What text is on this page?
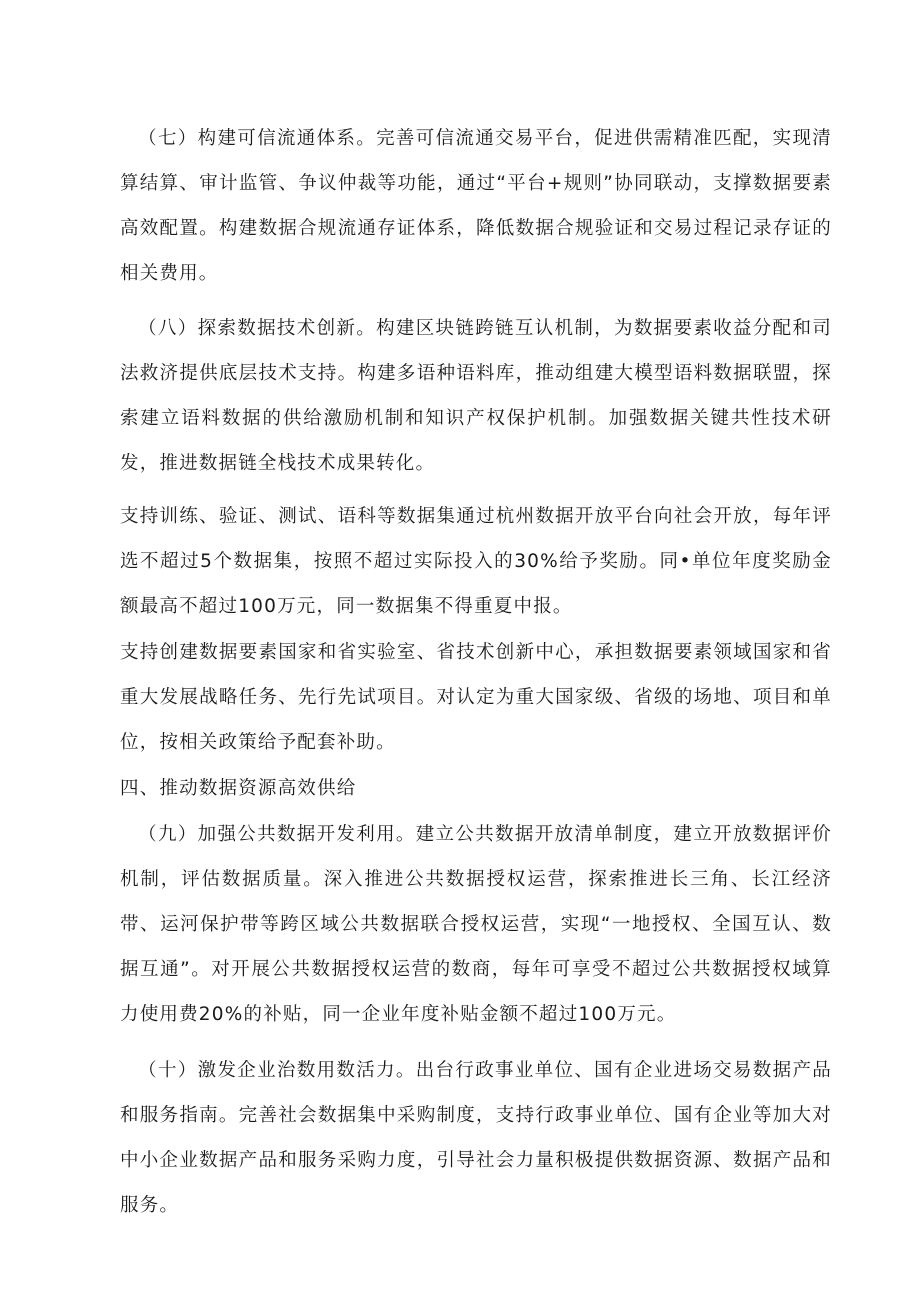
（七）构建可信流通体系。完善可信流通交易平台，促进供需精准匹配，实现清算结算、审计监管、争议仲裁等功能，通过“平台+规则”协同联动，支撑数据要素高效配置。构建数据合规流通存证体系，降低数据合规验证和交易过程记录存证的相关费用。

（八）探索数据技术创新。构建区块链跨链互认机制，为数据要素收益分配和司法救济提供底层技术支持。构建多语种语料库，推动组建大模型语料数据联盟，探索建立语料数据的供给激励机制和知识产权保护机制。加强数据关键共性技术研发，推进数据链全栈技术成果转化。

支持训练、验证、测试、语科等数据集通过杭州数据开放平台向社会开放，每年评选不超过5个数据集，按照不超过实际投入的30%给予奖励。同•单位年度奖励金额最高不超过100万元，同一数据集不得重夏中报。

支持创建数据要素国家和省实验室、省技术创新中心，承担数据要素领域国家和省重大发展战略任务、先行先试项目。对认定为重大国家级、省级的场地、项目和单位，按相关政策给予配套补助。

四、推动数据资源高效供给

（九）加强公共数据开发利用。建立公共数据开放清单制度，建立开放数据评价机制，评估数据质量。深入推进公共数据授权运营，探索推进长三角、长江经济带、运河保护带等跨区域公共数据联合授权运营，实现“一地授权、全国互认、数据互通”。对开展公共数据授权运营的数商，每年可享受不超过公共数据授权域算力使用费20%的补贴，同一企业年度补贴金额不超过100万元。

（十）激发企业治数用数活力。出台行政事业单位、国有企业进场交易数据产品和服务指南。完善社会数据集中采购制度，支持行政事业单位、国有企业等加大对中小企业数据产品和服务采购力度，引导社会力量积极提供数据资源、数据产品和服务。
